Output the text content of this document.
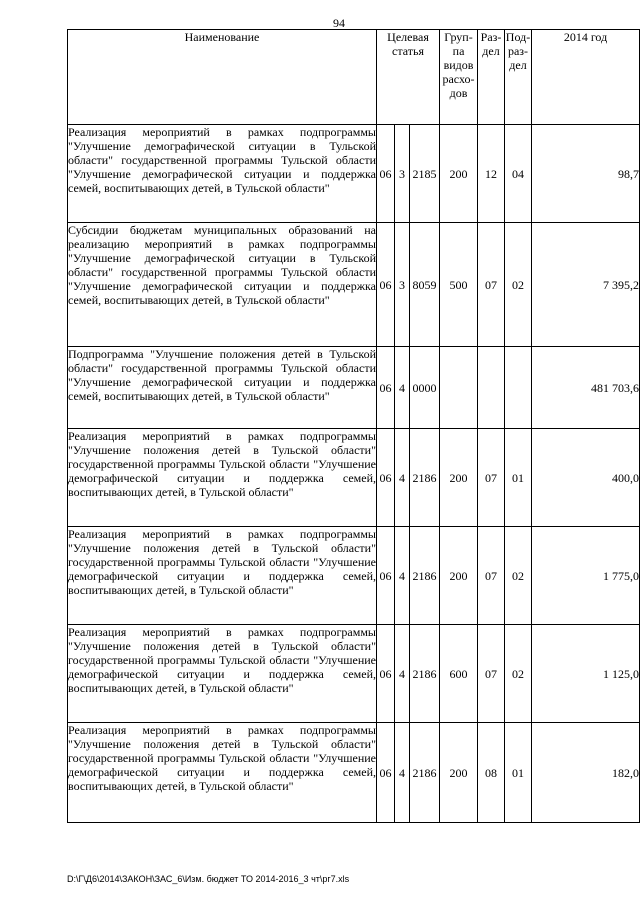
94
Наименование	Целевая статья			Груп-па видов расхо-дов	Раз-дел	Под-раз-дел	2014 год
Реализация мероприятий в рамках подпрограммы "Улучшение демографической ситуации в Тульской области" государственной программы Тульской области "Улучшение демографической ситуации и поддержка семей, воспитывающих детей, в Тульской области"	06	3	2185	200	12	04	98,7
Субсидии бюджетам муниципальных образований на реализацию мероприятий в рамках подпрограммы "Улучшение демографической ситуации в Тульской области" государственной программы Тульской области "Улучшение демографической ситуации и поддержка семей, воспитывающих детей, в Тульской области"	06	3	8059	500	07	02	7 395,2
Подпрограмма "Улучшение положения детей в Тульской области" государственной программы Тульской области "Улучшение демографической ситуации и поддержка семей, воспитывающих детей, в Тульской области"	06	4	0000				481 703,6
Реализация мероприятий в рамках подпрограммы "Улучшение положения детей в Тульской области" государственной программы Тульской области "Улучшение демографической ситуации и поддержка семей, воспитывающих детей, в Тульской области"	06	4	2186	200	07	01	400,0
Реализация мероприятий в рамках подпрограммы "Улучшение положения детей в Тульской области" государственной программы Тульской области "Улучшение демографической ситуации и поддержка семей, воспитывающих детей, в Тульской области"	06	4	2186	200	07	02	1 775,0
Реализация мероприятий в рамках подпрограммы "Улучшение положения детей в Тульской области" государственной программы Тульской области "Улучшение демографической ситуации и поддержка семей, воспитывающих детей, в Тульской области"	06	4	2186	600	07	02	1 125,0
Реализация мероприятий в рамках подпрограммы "Улучшение положения детей в Тульской области" государственной программы Тульской области "Улучшение демографической ситуации и поддержка семей, воспитывающих детей, в Тульской области"	06	4	2186	200	08	01	182,0
D:\Г\Д6\2014\ЗАКОН\ЗАС_6\Изм. бюджет ТО 2014-2016_3 чт\рг7.xls
